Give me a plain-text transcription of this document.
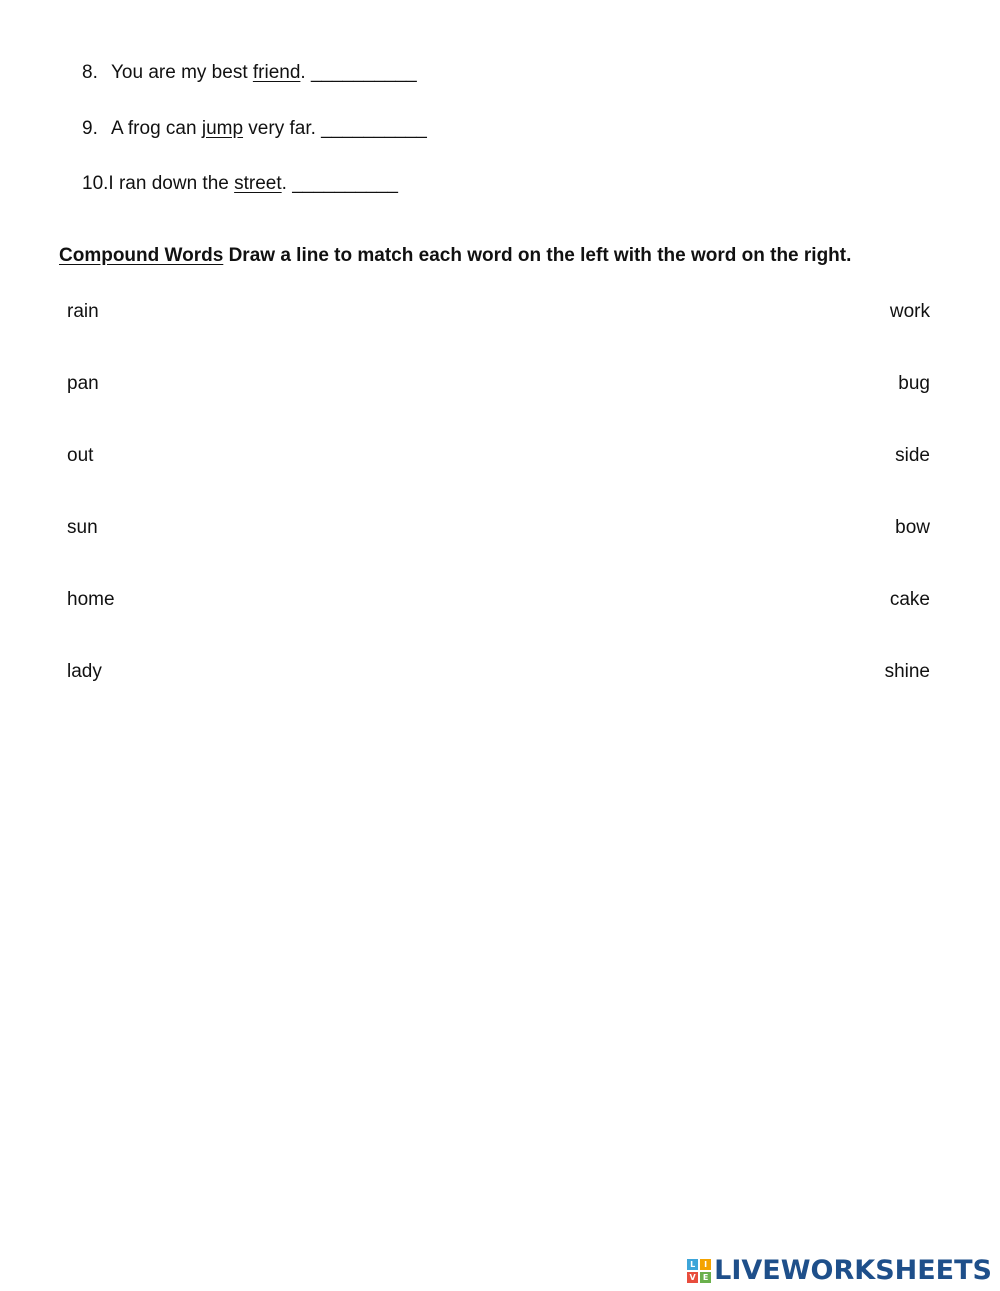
8. You are my best friend. __________
9. A frog can jump very far. __________
10.I ran down the street. __________
Compound Words Draw a line to match each word on the left with the word on the right.
rain
pan
out
sun
home
lady
work
bug
side
bow
cake
shine
L	I
V E LIVEWORKSHEETS
